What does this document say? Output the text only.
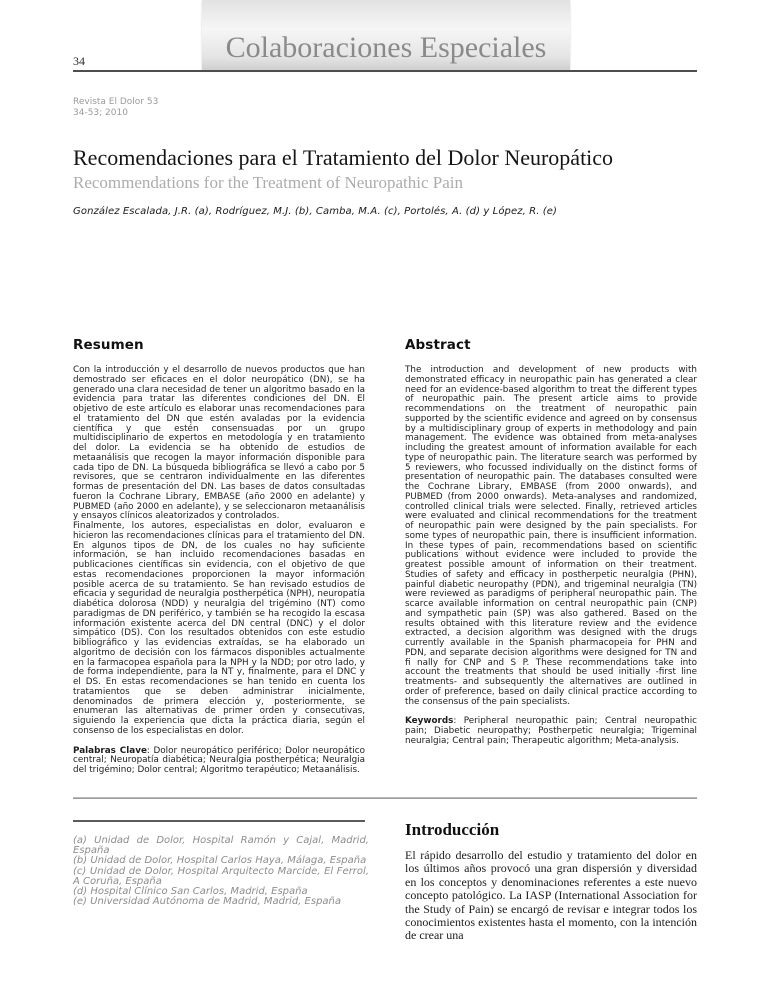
Colaboraciones Especiales
34
Revista El Dolor 53
34-53; 2010
Recomendaciones para el Tratamiento del Dolor Neuropático
Recommendations for the Treatment of Neuropathic Pain
González Escalada, J.R. (a), Rodríguez, M.J. (b), Camba, M.A. (c), Portolés, A. (d) y López, R. (e)
Resumen
Con la introducción y el desarrollo de nuevos productos que han demostrado ser eficaces en el dolor neuropático (DN), se ha generado una clara necesidad de tener un algoritmo basado en la evidencia para tratar las diferentes condiciones del DN. El objetivo de este artículo es elaborar unas recomendaciones para el tratamiento del DN que estén avaladas por la evidencia científica y que estén consensuadas por un grupo multidisciplinario de expertos en metodología y en tratamiento del dolor. La evidencia se ha obtenido de estudios de metaanálisis que recogen la mayor información disponible para cada tipo de DN. La búsqueda bibliográfica se llevó a cabo por 5 revisores, que se centraron individualmente en las diferentes formas de presentación del DN. Las bases de datos consultadas fueron la Cochrane Library, EMBASE (año 2000 en adelante) y PUBMED (año 2000 en adelante), y se seleccionaron metaanálisis y ensayos clínicos aleatorizados y controlados.
Finalmente, los autores, especialistas en dolor, evaluaron e hicieron las recomendaciones clínicas para el tratamiento del DN. En algunos tipos de DN, de los cuales no hay suficiente información, se han incluido recomendaciones basadas en publicaciones científicas sin evidencia, con el objetivo de que estas recomendaciones proporcionen la mayor información posible acerca de su tratamiento. Se han revisado estudios de eficacia y seguridad de neuralgia postherpética (NPH), neuropatía diabética dolorosa (NDD) y neuralgia del trigémino (NT) como paradigmas de DN periférico, y también se ha recogido la escasa información existente acerca del DN central (DNC) y el dolor simpático (DS). Con los resultados obtenidos con este estudio bibliográfico y las evidencias extraídas, se ha elaborado un algoritmo de decisión con los fármacos disponibles actualmente en la farmacopea española para la NPH y la NDD; por otro lado, y de forma independiente, para la NT y, finalmente, para el DNC y el DS. En estas recomendaciones se han tenido en cuenta los tratamientos que se deben administrar inicialmente, denominados de primera elección y, posteriormente, se enumeran las alternativas de primer orden y consecutivas, siguiendo la experiencia que dicta la práctica diaria, según el consenso de los especialistas en dolor.
Palabras Clave: Dolor neuropático periférico; Dolor neuropático central; Neuropatía diabética; Neuralgia postherpética; Neuralgia del trigémino; Dolor central; Algoritmo terapéutico; Metaanálisis.
Abstract
The introduction and development of new products with demonstrated efficacy in neuropathic pain has generated a clear need for an evidence-based algorithm to treat the different types of neuropathic pain. The present article aims to provide recommendations on the treatment of neuropathic pain supported by the scientific evidence and agreed on by consensus by a multidisciplinary group of experts in methodology and pain management. The evidence was obtained from meta-analyses including the greatest amount of information available for each type of neuropathic pain. The literature search was performed by 5 reviewers, who focussed individually on the distinct forms of presentation of neuropathic pain. The databases consulted were the Cochrane Library, EMBASE (from 2000 onwards), and PUBMED (from 2000 onwards). Meta-analyses and randomized, controlled clinical trials were selected. Finally, retrieved articles were evaluated and clinical recommendations for the treatment of neuropathic pain were designed by the pain specialists. For some types of neuropathic pain, there is insufficient information. In these types of pain, recommendations based on scientific publications without evidence were included to provide the greatest possible amount of information on their treatment. Studies of safety and efficacy in postherpetic neuralgia (PHN), painful diabetic neuropathy (PDN), and trigeminal neuralgia (TN) were reviewed as paradigms of peripheral neuropathic pain. The scarce available information on central neuropathic pain (CNP) and sympathetic pain (SP) was also gathered. Based on the results obtained with this literature review and the evidence extracted, a decision algorithm was designed with the drugs currently available in the Spanish pharmacopeia for PHN and PDN, and separate decision algorithms were designed for TN and fi nally for CNP and S P. These recommendations take into account the treatments that should be used initially -first line treatments- and subsequently the alternatives are outlined in order of preference, based on daily clinical practice according to the consensus of the pain specialists.
Keywords: Peripheral neuropathic pain; Central neuropathic pain; Diabetic neuropathy; Postherpetic neuralgia; Trigeminal neuralgia; Central pain; Therapeutic algorithm; Meta-analysis.
(a) Unidad de Dolor, Hospital Ramón y Cajal, Madrid, España
(b) Unidad de Dolor, Hospital Carlos Haya, Málaga, España
(c) Unidad de Dolor, Hospital Arquitecto Marcide, El Ferrol, A Coruña, España
(d) Hospital Clínico San Carlos, Madrid, España
(e) Universidad Autónoma de Madrid, Madrid, España
Introducción
El rápido desarrollo del estudio y tratamiento del dolor en los últimos años provocó una gran dispersión y diversidad en los conceptos y denominaciones referentes a este nuevo concepto patológico. La IASP (International Association for the Study of Pain) se encargó de revisar e integrar todos los conocimientos existentes hasta el momento, con la intención de crear una
